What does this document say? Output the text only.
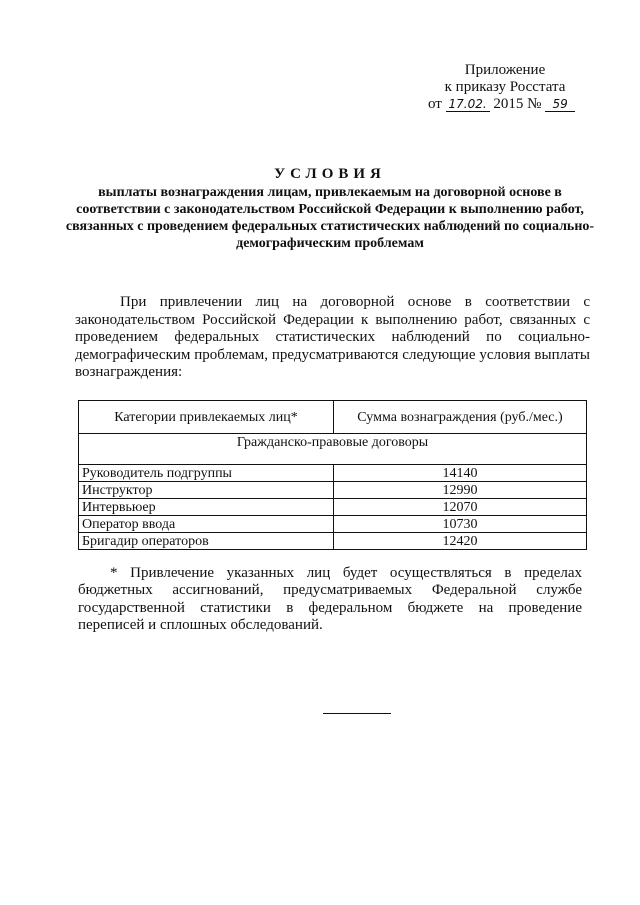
Приложение
к приказу Росстата
от 17.02. 2015 № 59
УСЛОВИЯ
выплаты вознаграждения лицам, привлекаемым на договорной основе в соответствии с законодательством Российской Федерации к выполнению работ, связанных с проведением федеральных статистических наблюдений по социально-демографическим проблемам
При привлечении лиц на договорной основе в соответствии с законодательством Российской Федерации к выполнению работ, связанных с проведением федеральных статистических наблюдений по социально-демографическим проблемам, предусматриваются следующие условия выплаты вознаграждения:
Категории привлекаемых лиц*	Сумма вознаграждения (руб./мес.)
Гражданско-правовые договоры	

Руководитель подгруппы	14140
Инструктор	12990
Интервьюер	12070
Оператор ввода	10730
Бригадир операторов	12420
* Привлечение указанных лиц будет осуществляться в пределах бюджетных ассигнований, предусматриваемых Федеральной службе государственной статистики в федеральном бюджете на проведение переписей и сплошных обследований.
